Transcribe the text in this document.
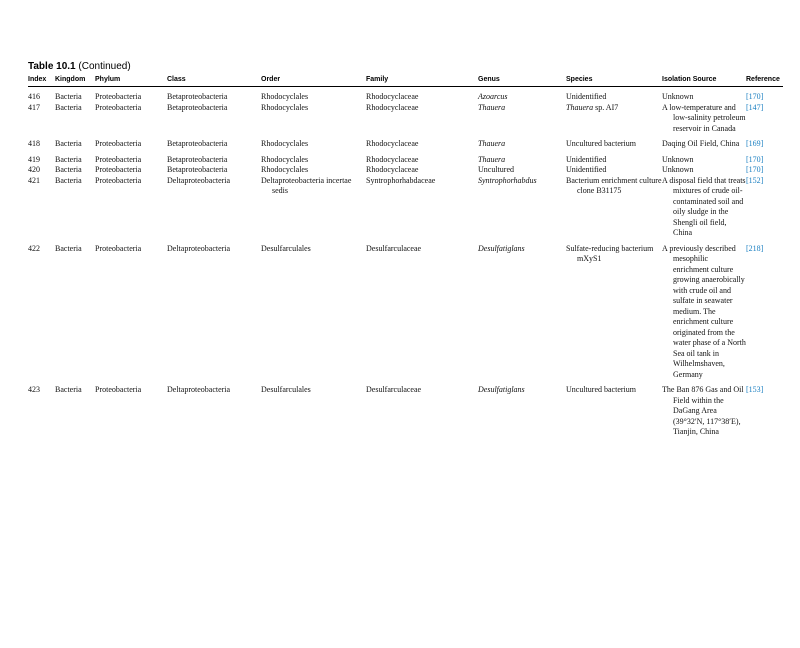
Table 10.1 (Continued)
Index	Kingdom	Phylum	Class	Order	Family	Genus	Species	Isolation Source	Reference
416	Bacteria	Proteobacteria	Betaproteobacteria	Rhodocyclales	Rhodocyclaceae	Azoarcus	Unidentified	Unknown	[170]
417	Bacteria	Proteobacteria	Betaproteobacteria	Rhodocyclales	Rhodocyclaceae	Thauera	Thauera sp. AI7	A low-temperature and low-salinity petroleum reservoir in Canada	[147]
418	Bacteria	Proteobacteria	Betaproteobacteria	Rhodocyclales	Rhodocyclaceae	Thauera	Uncultured bacterium	Daqing Oil Field, China	[169]
419	Bacteria	Proteobacteria	Betaproteobacteria	Rhodocyclales	Rhodocyclaceae	Thauera	Unidentified	Unknown	[170]
420	Bacteria	Proteobacteria	Betaproteobacteria	Rhodocyclales	Rhodocyclaceae	Uncultured	Unidentified	Unknown	[170]
421	Bacteria	Proteobacteria	Deltaproteobacteria	Deltaproteobacteria incertae sedis	Syntrophorhabdaceae	Syntrophorhabdus	Bacterium enrichment culture clone B31175	A disposal field that treats mixtures of crude oil-contaminated soil and oily sludge in the Shengli oil field, China	[152]
422	Bacteria	Proteobacteria	Deltaproteobacteria	Desulfarculales	Desulfarculaceae	Desulfatiglans	Sulfate-reducing bacterium mXyS1	A previously described mesophilic enrichment culture growing anaerobically with crude oil and sulfate in seawater medium. The enrichment culture originated from the water phase of a North Sea oil tank in Wilhelmshaven, Germany	[218]
423	Bacteria	Proteobacteria	Deltaproteobacteria	Desulfarculales	Desulfarculaceae	Desulfatiglans	Uncultured bacterium	The Ban 876 Gas and Oil Field within the DaGang Area (39°32′N, 117°38′E), Tianjin, China	[153]
